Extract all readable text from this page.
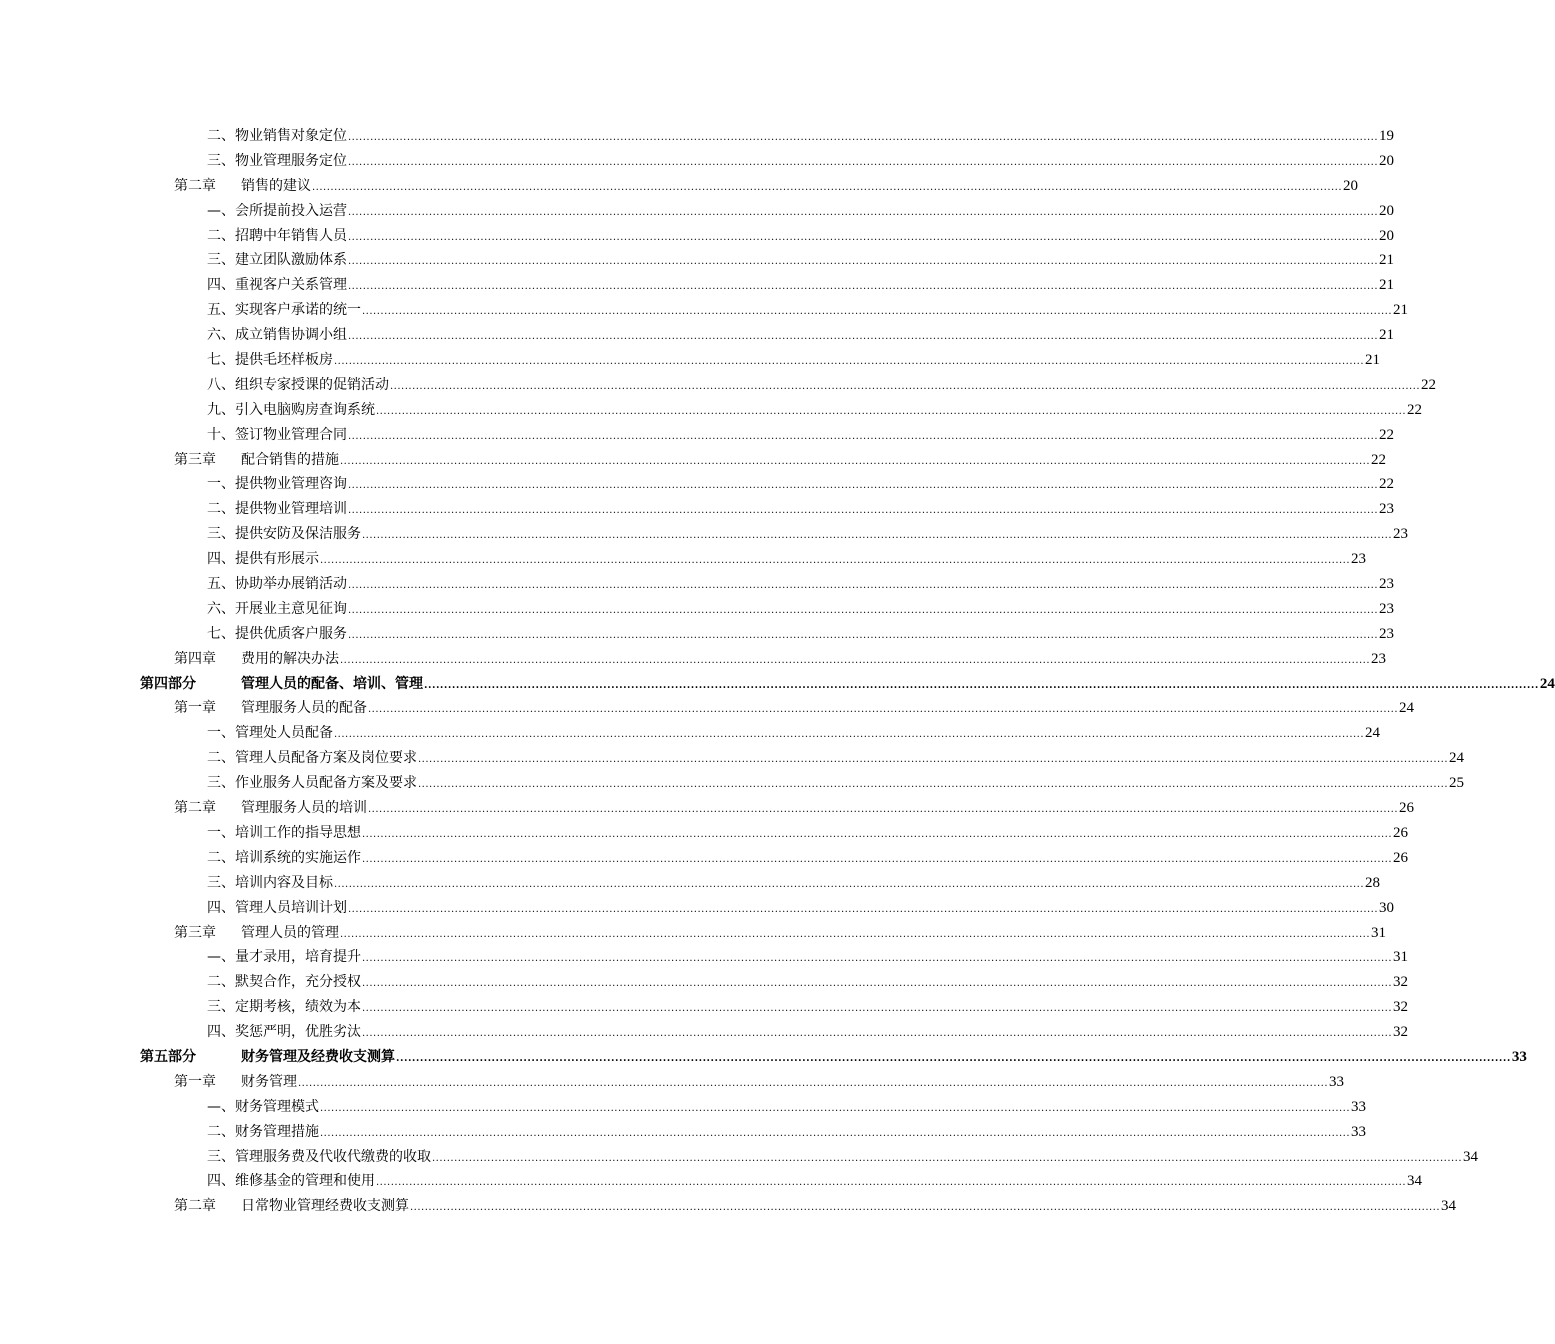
二、 物业销售对象定位 .....	19
三、 物业管理服务定位 .....	20
第二章	销售的建议 .....	20
—、 会所提前投入运营 .....	20
二、 招聘中年销售人员 .....	20
三、 建立团队激励体系 .....	21
四、 重视客户关系管理 .....	21
五、 实现客户承诺的统一 .....	21
六、 成立销售协调小组 .....	21
七、 提供毛坯样板房 .....	21
八、 组织专家授课的促销活动 .....	22
九、 引入电脑购房查询系统 .....	22
十、 签订物业管理合同 .....	22
第三章	配合销售的措施 .....	22
一、 提供物业管理咨询 .....	22
二、 提供物业管理培训 .....	23
三、 提供安防及保洁服务 .....	23
四、 提供有形展示 .....	23
五、 协助举办展销活动 .....	23
六、 开展业主意见征询 .....	23
七、 提供优质客户服务 .....	23
第四章	费用的解决办法 .....	23
第四部分	管理人员的配备、培训、管理 .....	24
第一章	管理服务人员的配备 .....	24
一、 管理处人员配备 .....	24
二、 管理人员配备方案及岗位要求 .....	24
三、 作业服务人员配备方案及要求 .....	25
第二章	管理服务人员的培训 .....	26
一、 培训工作的指导思想 .....	26
二、 培训系统的实施运作 .....	26
三、 培训内容及目标 .....	28
四、 管理人员培训计划 .....	30
第三章	管理人员的管理 .....	31
—、 量才录用，培育提升 .....	31
二、 默契合作，充分授权 .....	32
三、 定期考核，绩效为本 .....	32
四、 奖惩严明，优胜劣汰 .....	32
第五部分	财务管理及经费收支测算 .....	33
第一章	财务管理 .....	33
—、 财务管理模式 .....	33
二、 财务管理措施 .....	33
三、 管理服务费及代收代缴费的收取 .....	34
四、 维修基金的管理和使用 .....	34
第二章	日常物业管理经费收支测算 .....	34
